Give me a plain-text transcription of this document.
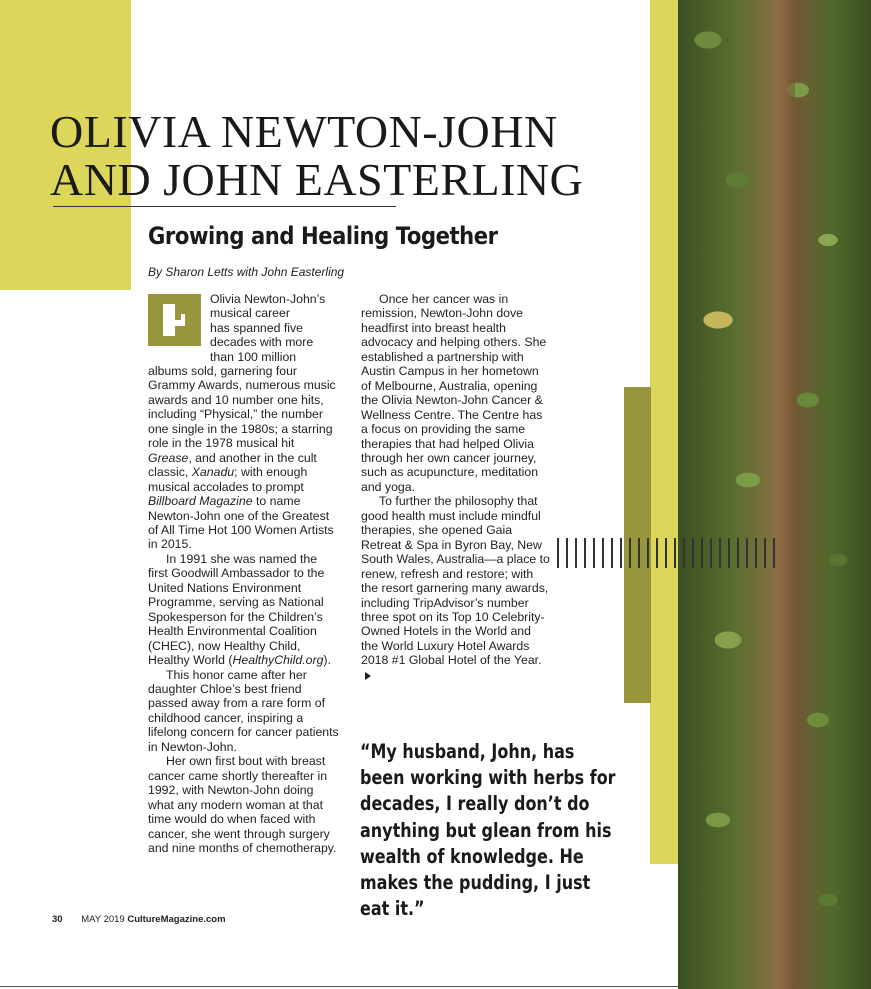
OLIVIA NEWTON-JOHN
AND JOHN EASTERLING
Growing and Healing Together
By Sharon Letts with John Easterling
Olivia Newton-John’s
musical career
has spanned five
decades with more
than 100 million

albums sold, garnering four Grammy Awards, numerous music awards and 10 number one hits, including “Physical,” the number one single in the 1980s; a starring role in the 1978 musical hit Grease, and another in the cult classic, Xanadu; with enough musical accolades to prompt Billboard Magazine to name Newton-John one of the Greatest of All Time Hot 100 Women Artists in 2015.

In 1991 she was named the first Goodwill Ambassador to the United Nations Environment Programme, serving as National Spokesperson for the Children’s Health Environmental Coalition (CHEC), now Healthy Child, Healthy World (HealthyChild.org).

This honor came after her daughter Chloe’s best friend passed away from a rare form of childhood cancer, inspiring a lifelong concern for cancer patients in Newton-John.

Her own first bout with breast cancer came shortly thereafter in 1992, with Newton-John doing what any modern woman at that time would do when faced with cancer, she went through surgery and nine months of chemotherapy.

Once her cancer was in remission, Newton-John dove headfirst into breast health advocacy and helping others. She established a partnership with Austin Campus in her hometown of Melbourne, Australia, opening the Olivia Newton-John Cancer & Wellness Centre. The Centre has a focus on providing the same therapies that had helped Olivia through her own cancer journey, such as acupuncture, meditation and yoga.

To further the philosophy that good health must include mindful therapies, she opened Gaia Retreat & Spa in Byron Bay, New South Wales, Australia—a place to renew, refresh and restore; with the resort garnering many awards, including TripAdvisor’s number three spot on its Top 10 Celebrity-Owned Hotels in the World and the World Luxury Hotel Awards 2018 #1 Global Hotel of the Year.

“My husband, John, has been working with herbs for decades, I really don’t do anything but glean from his wealth of knowledge. He makes the pudding, I just eat it.”

30 MAY 2019 CultureMagazine.com
